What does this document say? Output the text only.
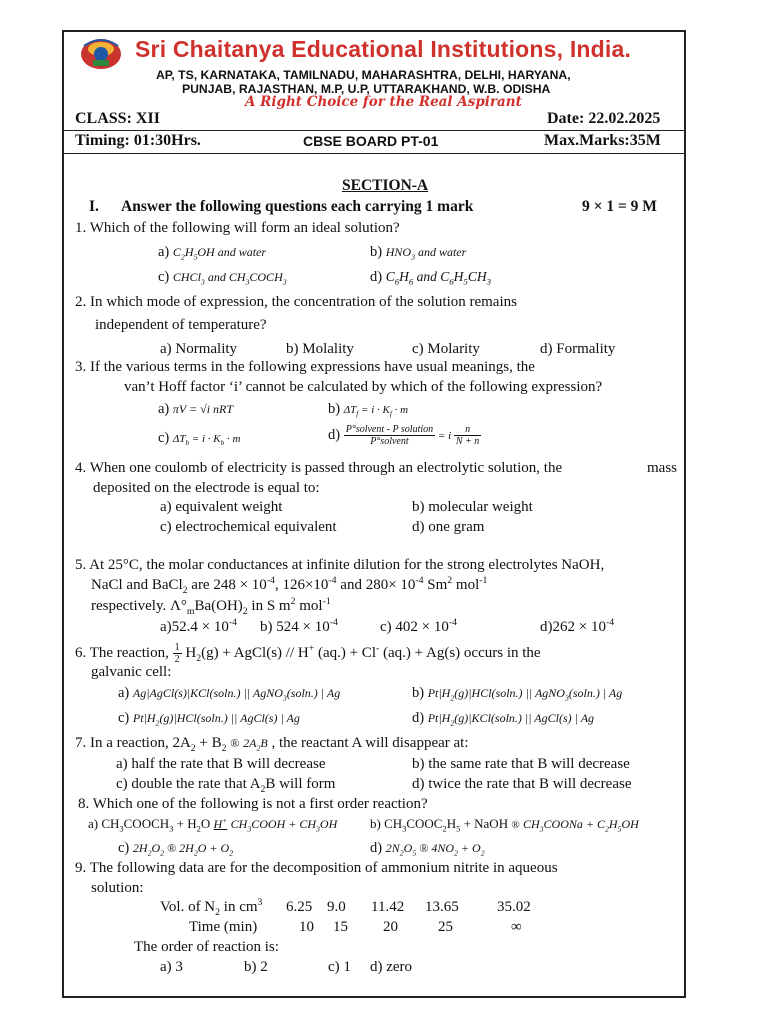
Sri Chaitanya Educational Institutions, India.
AP, TS, KARNATAKA, TAMILNADU, MAHARASHTRA, DELHI, HARYANA,
PUNJAB, RAJASTHAN, M.P, U.P, UTTARAKHAND, W.B. ODISHA
A Right Choice for the Real Aspirant
CLASS: XII	Date: 22.02.2025
Timing: 01:30Hrs.	CBSE BOARD PT-01	Max.Marks:35M
SECTION-A
I. Answer the following questions each carrying 1 mark	9 × 1 = 9 M
1. Which of the following will form an ideal solution?
a) $C_2H_5OH$ and water	b) $HNO_3$ and water
c) CHCl$_3$ and $CH_3COCH_3$	d) $C_6H_6$ and $C_6H_5CH_3$
2. In which mode of expression, the concentration of the solution remains
independent of temperature?
a) Normality	b) Molality	c) Molarity	d) Formality
3. If the various terms in the following expressions have usual meanings, the
van’t Hoff factor ‘i’ cannot be calculated by which of the following expression?
a) πV = √i nRT	b) $\Delta T_f = i \cdot K_f \cdot m$
c) $\Delta T_b = i \cdot K_b \cdot m$	$d) \frac{\text{P°solvent - P solution}}{\text{P°solvent}} = i \frac{n}{N + n}$
4. When one coulomb of electricity is passed through an electrolytic solution, the	mass
deposited on the electrode is equal to:
a) equivalent weight	b) molecular weight
c) electrochemical equivalent	d) one gram
5. At 25°C, the molar conductances at infinite dilution for the strong electrolytes NaOH,
NaCl and BaCl$_2$ are $248 \times 10^{-4}$, $126\times 10^{-4}$ and $280\times 10^{-4}$ Sm$^2$ mol$^{-1}$
respectively. $\Lambda^\circ_mBa(OH)_2$ in S $m^2$ mol$^{-1}$
$a)52.4 \times 10^{-4}$ b) $524 \times 10^{-4}$	c) $402 \times 10^{-4}$	$d)262 \times 10^{-4}$
6. The reaction, $\frac{1}{2} H_2(g)$ + AgCl(s) // H+ (aq.) + Cl- (aq.) + Ag(s) occurs in the
galvanic cell:
a) Ag|AgCl(s)|KCl(soln.) || AgNO$_3$(soln.) | Ag	b) $Pt|H_2(g)|HCl(soln.)$ || AgNO$_3$(soln.) | Ag
c) $Pt|H_2(g)|HCl(soln.)$ || AgCl(s) | Ag	d) $Pt|H_2(g)|KCl(soln.)$ || AgCl(s) | Ag
7. In a reaction, $2A_2 + B_2$ ® $2A_2B$ , the reactant A will disappear at:
a) half the rate that B will decrease	b) the same rate that B will decrease
c) double the rate that $A_2B$ will form	d) twice the rate that B will decrease
8. Which one of the following is not a first order reaction?
a) $CH_3COOCH_3 + H_2O$ H+ $CH_3COOH + CH_3OH$	b) $CH_3COOC_2H_5$ + NaOH ® $CH_3COONa + C_2H_5OH$
c) $2H_2O_2$ ® $2H_2O + O_2$	d) $2N_2O_5$ ® $4NO_2 + O_2$
9. The following data are for the decomposition of ammonium nitrite in aqueous
solution:
Vol. of $N_2$ in $cm^3$ 6.25 9.0 11.42 13.65	35.02
Time (min)	10 15 20	25	∞
The order of reaction is:
a) 3	b) 2	c) 1 d) zero
